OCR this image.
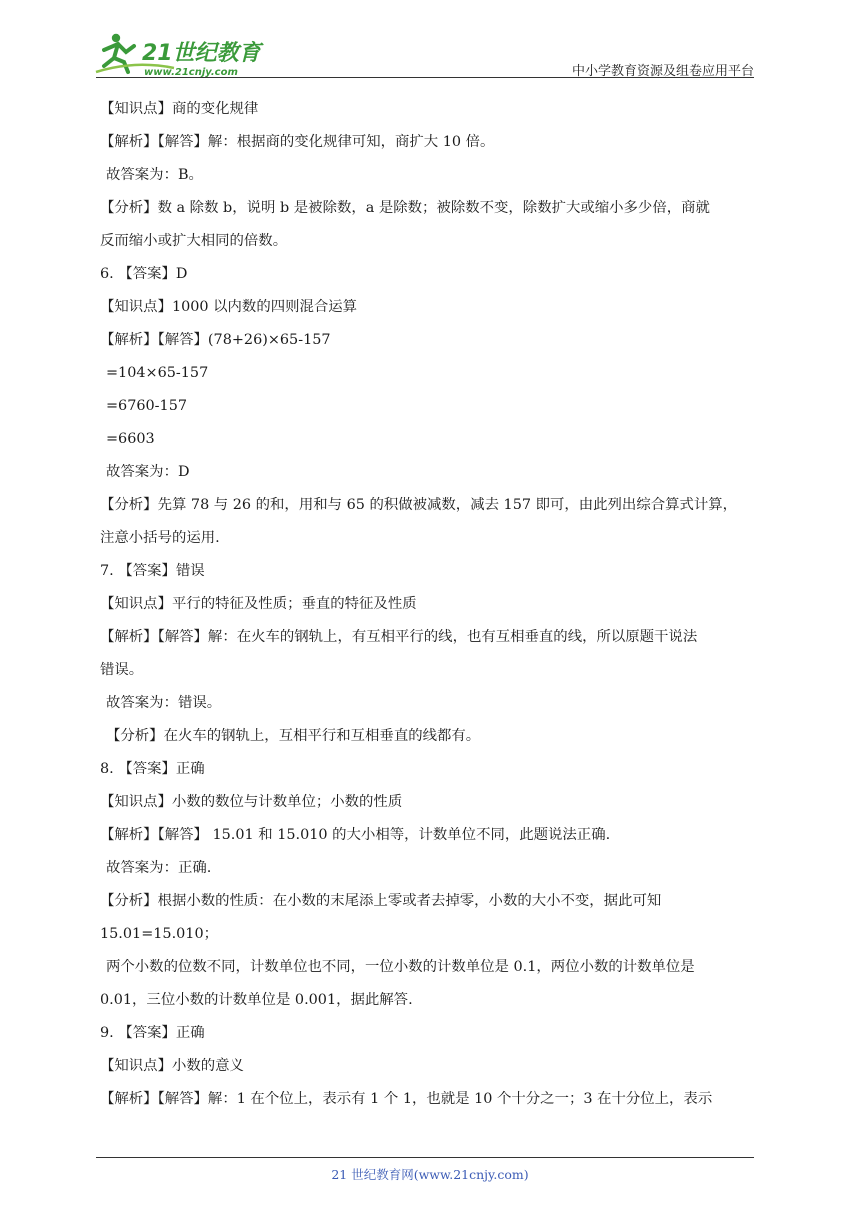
21世纪教育
www.21cnjy.com	中小学教育资源及组卷应用平台

【知识点】商的变化规律

【解析】【解答】解：根据商的变化规律可知，商扩大 10 倍。

故答案为：B。

【分析】数 a 除数 b，说明 b 是被除数，a 是除数；被除数不变，除数扩大或缩小多少倍，商就

反而缩小或扩大相同的倍数。

6. 【答案】D

【知识点】1000 以内数的四则混合运算

【解析】【解答】(78+26)×65-157

=104×65-157

=6760-157

=6603

故答案为：D

【分析】先算 78 与 26 的和，用和与 65 的积做被减数，减去 157 即可，由此列出综合算式计算，

注意小括号的运用.

7. 【答案】错误

【知识点】平行的特征及性质；垂直的特征及性质

【解析】【解答】解：在火车的钢轨上，有互相平行的线，也有互相垂直的线，所以原题干说法

错误。

故答案为：错误。

【分析】在火车的钢轨上，互相平行和互相垂直的线都有。

8. 【答案】正确

【知识点】小数的数位与计数单位；小数的性质

【解析】【解答】 15.01 和 15.010 的大小相等，计数单位不同，此题说法正确.

故答案为：正确.

【分析】根据小数的性质：在小数的末尾添上零或者去掉零，小数的大小不变，据此可知

15.01=15.010；

两个小数的位数不同，计数单位也不同，一位小数的计数单位是 0.1，两位小数的计数单位是

0.01，三位小数的计数单位是 0.001，据此解答.

9. 【答案】正确

【知识点】小数的意义

【解析】【解答】解：1 在个位上，表示有 1 个 1，也就是 10 个十分之一；3 在十分位上，表示

21 世纪教育网(www.21cnjy.com)
